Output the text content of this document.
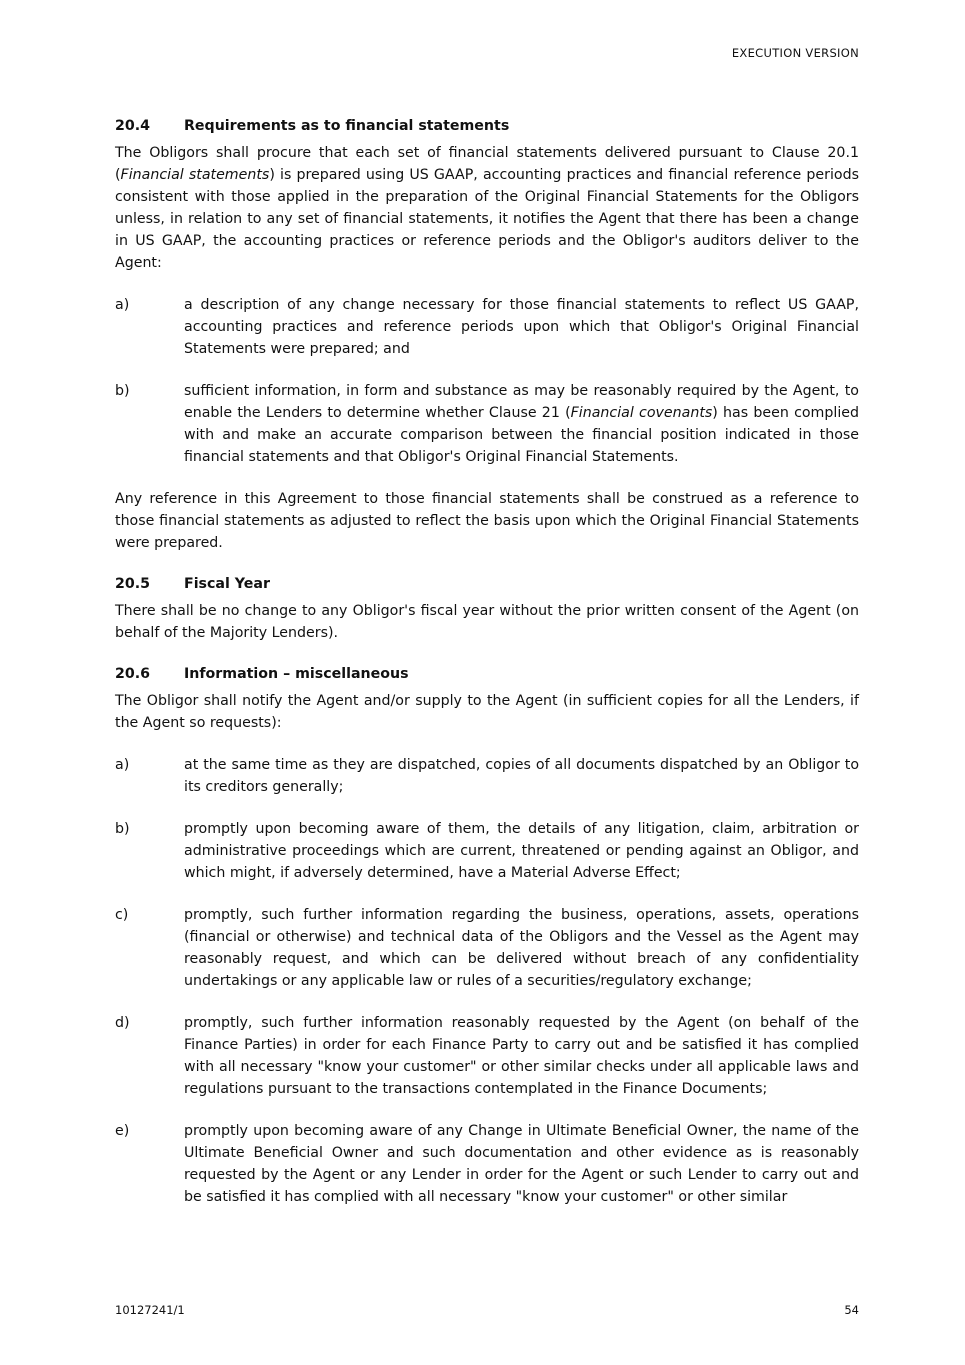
EXECUTION VERSION
20.4	Requirements as to financial statements

The Obligors shall procure that each set of financial statements delivered pursuant to Clause 20.1 (Financial statements) is prepared using US GAAP, accounting practices and financial reference periods consistent with those applied in the preparation of the Original Financial Statements for the Obligors unless, in relation to any set of financial statements, it notifies the Agent that there has been a change in US GAAP, the accounting practices or reference periods and the Obligor's auditors deliver to the Agent:

a)	a description of any change necessary for those financial statements to reflect US GAAP, accounting practices and reference periods upon which that Obligor's Original Financial Statements were prepared; and

b)	sufficient information, in form and substance as may be reasonably required by the Agent, to enable the Lenders to determine whether Clause 21 (Financial covenants) has been complied with and make an accurate comparison between the financial position indicated in those financial statements and that Obligor's Original Financial Statements.

Any reference in this Agreement to those financial statements shall be construed as a reference to those financial statements as adjusted to reflect the basis upon which the Original Financial Statements were prepared.

20.5	Fiscal Year

There shall be no change to any Obligor's fiscal year without the prior written consent of the Agent (on behalf of the Majority Lenders).

20.6	Information – miscellaneous

The Obligor shall notify the Agent and/or supply to the Agent (in sufficient copies for all the Lenders, if the Agent so requests):

a)	at the same time as they are dispatched, copies of all documents dispatched by an Obligor to its creditors generally;

b)	promptly upon becoming aware of them, the details of any litigation, claim, arbitration or administrative proceedings which are current, threatened or pending against an Obligor, and which might, if adversely determined, have a Material Adverse Effect;

c)	promptly, such further information regarding the business, operations, assets, operations (financial or otherwise) and technical data of the Obligors and the Vessel as the Agent may reasonably request, and which can be delivered without breach of any confidentiality undertakings or any applicable law or rules of a securities/regulatory exchange;

d)	promptly, such further information reasonably requested by the Agent (on behalf of the Finance Parties) in order for each Finance Party to carry out and be satisfied it has complied with all necessary "know your customer" or other similar checks under all applicable laws and regulations pursuant to the transactions contemplated in the Finance Documents;

e)	promptly upon becoming aware of any Change in Ultimate Beneficial Owner, the name of the Ultimate Beneficial Owner and such documentation and other evidence as is reasonably requested by the Agent or any Lender in order for the Agent or such Lender to carry out and be satisfied it has complied with all necessary "know your customer" or other similar

10127241/1	54
